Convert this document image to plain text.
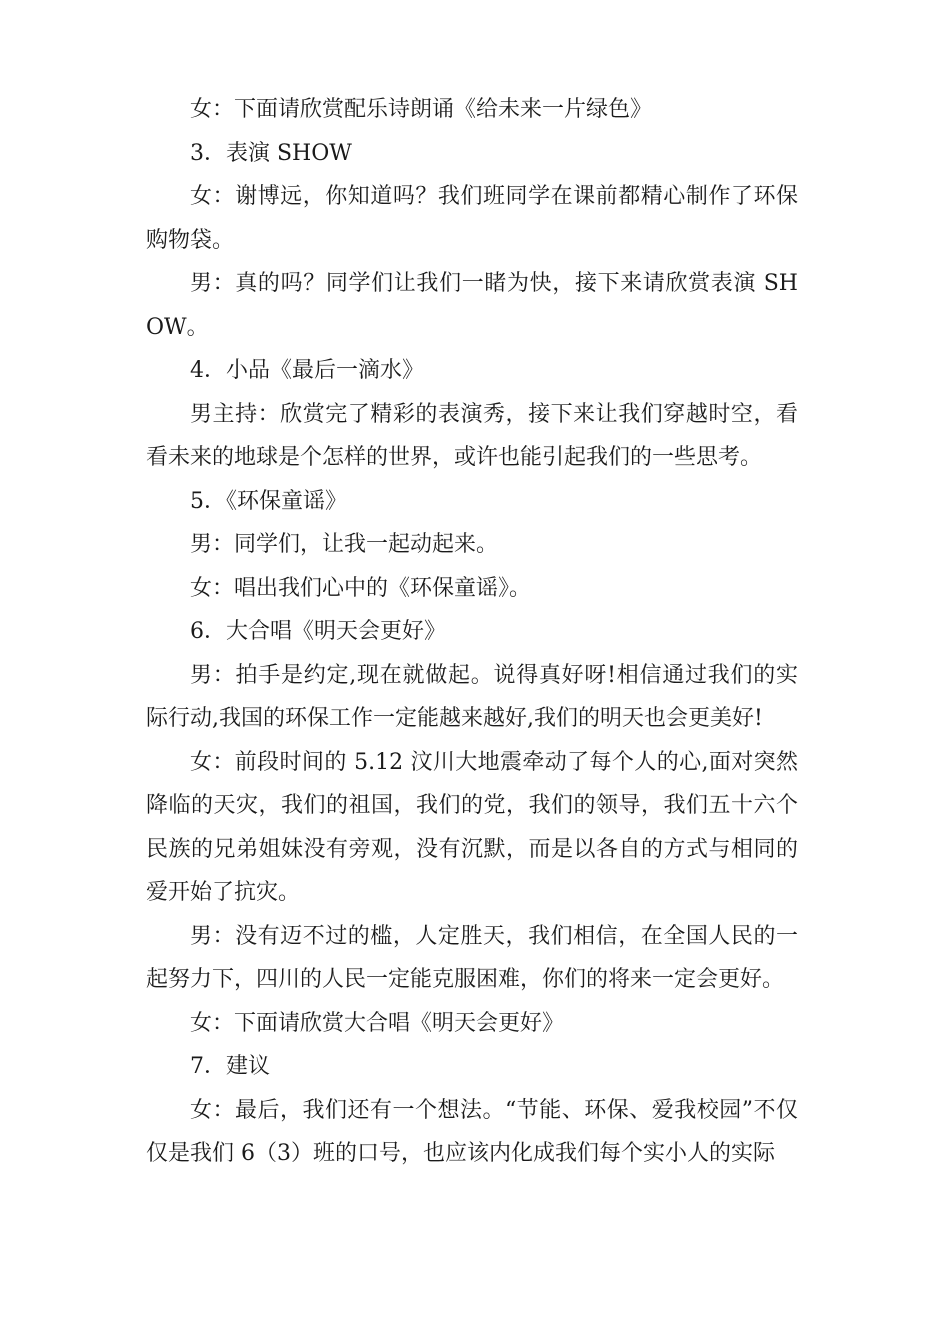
女：下面请欣赏配乐诗朗诵《给未来一片绿色》

3．表演 SHOW

女：谢博远，你知道吗？我们班同学在课前都精心制作了环保购物袋。

男：真的吗？同学们让我们一睹为快，接下来请欣赏表演 SHOW。

4．小品《最后一滴水》

男主持：欣赏完了精彩的表演秀，接下来让我们穿越时空，看看未来的地球是个怎样的世界，或许也能引起我们的一些思考。

5．《环保童谣》

男：同学们，让我一起动起来。

女：唱出我们心中的《环保童谣》。

6．大合唱《明天会更好》

男：拍手是约定,现在就做起。说得真好呀!相信通过我们的实际行动,我国的环保工作一定能越来越好,我们的明天也会更美好!

女：前段时间的 5.12 汶川大地震牵动了每个人的心,面对突然降临的天灾，我们的祖国，我们的党，我们的领导，我们五十六个民族的兄弟姐妹没有旁观，没有沉默，而是以各自的方式与相同的爱开始了抗灾。

男：没有迈不过的槛，人定胜天，我们相信，在全国人民的一起努力下，四川的人民一定能克服困难，你们的将来一定会更好。

女：下面请欣赏大合唱《明天会更好》

7．建议

女：最后，我们还有一个想法。“节能、环保、爱我校园”不仅仅是我们 6（3）班的口号，也应该内化成我们每个实小人的实际
